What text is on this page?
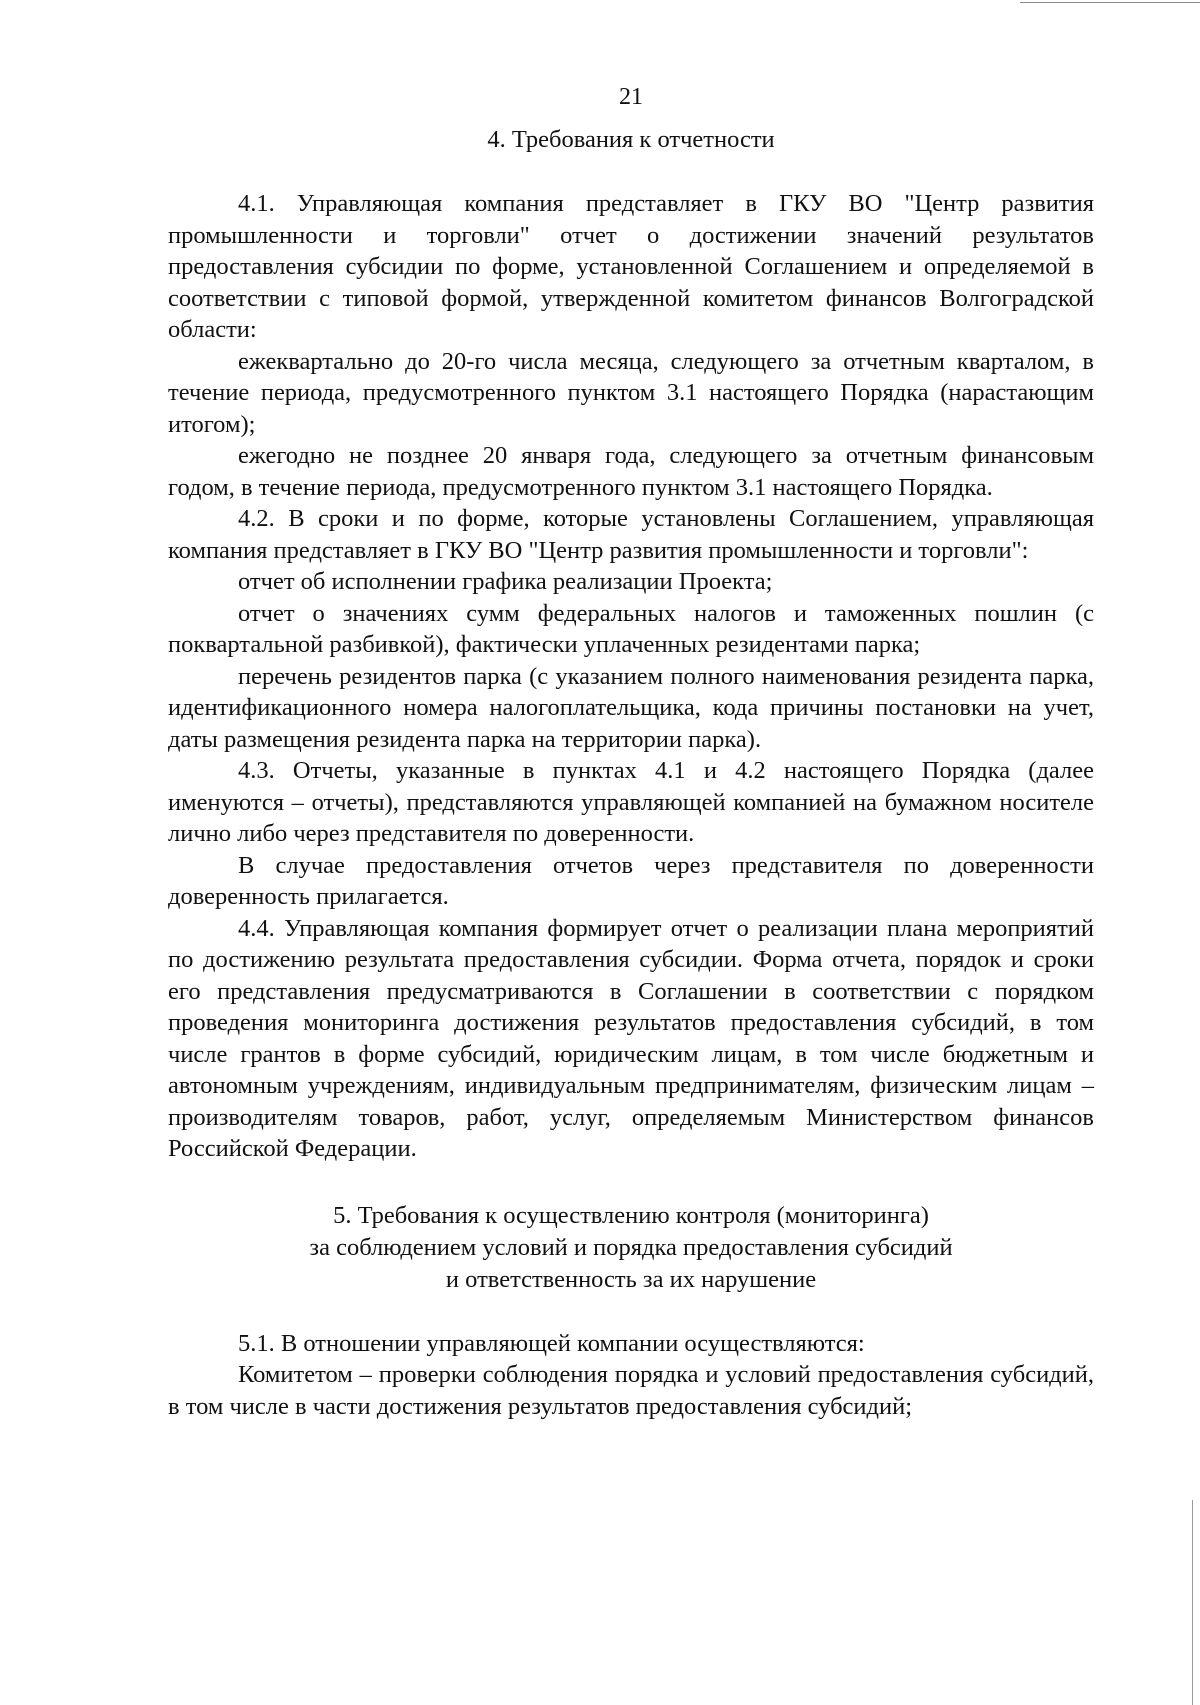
21
4. Требования к отчетности

4.1. Управляющая компания представляет в ГКУ ВО "Центр развития промышленности и торговли" отчет о достижении значений результатов предоставления субсидии по форме, установленной Соглашением и определяемой в соответствии с типовой формой, утвержденной комитетом финансов Волгоградской области:

ежеквартально до 20-го числа месяца, следующего за отчетным кварталом, в течение периода, предусмотренного пунктом 3.1 настоящего Порядка (нарастающим итогом);

ежегодно не позднее 20 января года, следующего за отчетным финансовым годом, в течение периода, предусмотренного пунктом 3.1 настоящего Порядка.

4.2. В сроки и по форме, которые установлены Соглашением, управляющая компания представляет в ГКУ ВО "Центр развития промышленности и торговли":

отчет об исполнении графика реализации Проекта;

отчет о значениях сумм федеральных налогов и таможенных пошлин (с поквартальной разбивкой), фактически уплаченных резидентами парка;

перечень резидентов парка (с указанием полного наименования резидента парка, идентификационного номера налогоплательщика, кода причины постановки на учет, даты размещения резидента парка на территории парка).

4.3. Отчеты, указанные в пунктах 4.1 и 4.2 настоящего Порядка (далее именуются – отчеты), представляются управляющей компанией на бумажном носителе лично либо через представителя по доверенности.

В случае предоставления отчетов через представителя по доверенности доверенность прилагается.

4.4. Управляющая компания формирует отчет о реализации плана мероприятий по достижению результата предоставления субсидии. Форма отчета, порядок и сроки его представления предусматриваются в Соглашении в соответствии с порядком проведения мониторинга достижения результатов предоставления субсидий, в том числе грантов в форме субсидий, юридическим лицам, в том числе бюджетным и автономным учреждениям, индивидуальным предпринимателям, физическим лицам – производителям товаров, работ, услуг, определяемым Министерством финансов Российской Федерации.

5. Требования к осуществлению контроля (мониторинга)
за соблюдением условий и порядка предоставления субсидий
и ответственность за их нарушение

5.1. В отношении управляющей компании осуществляются:

Комитетом – проверки соблюдения порядка и условий предоставления субсидий, в том числе в части достижения результатов предоставления субсидий;
